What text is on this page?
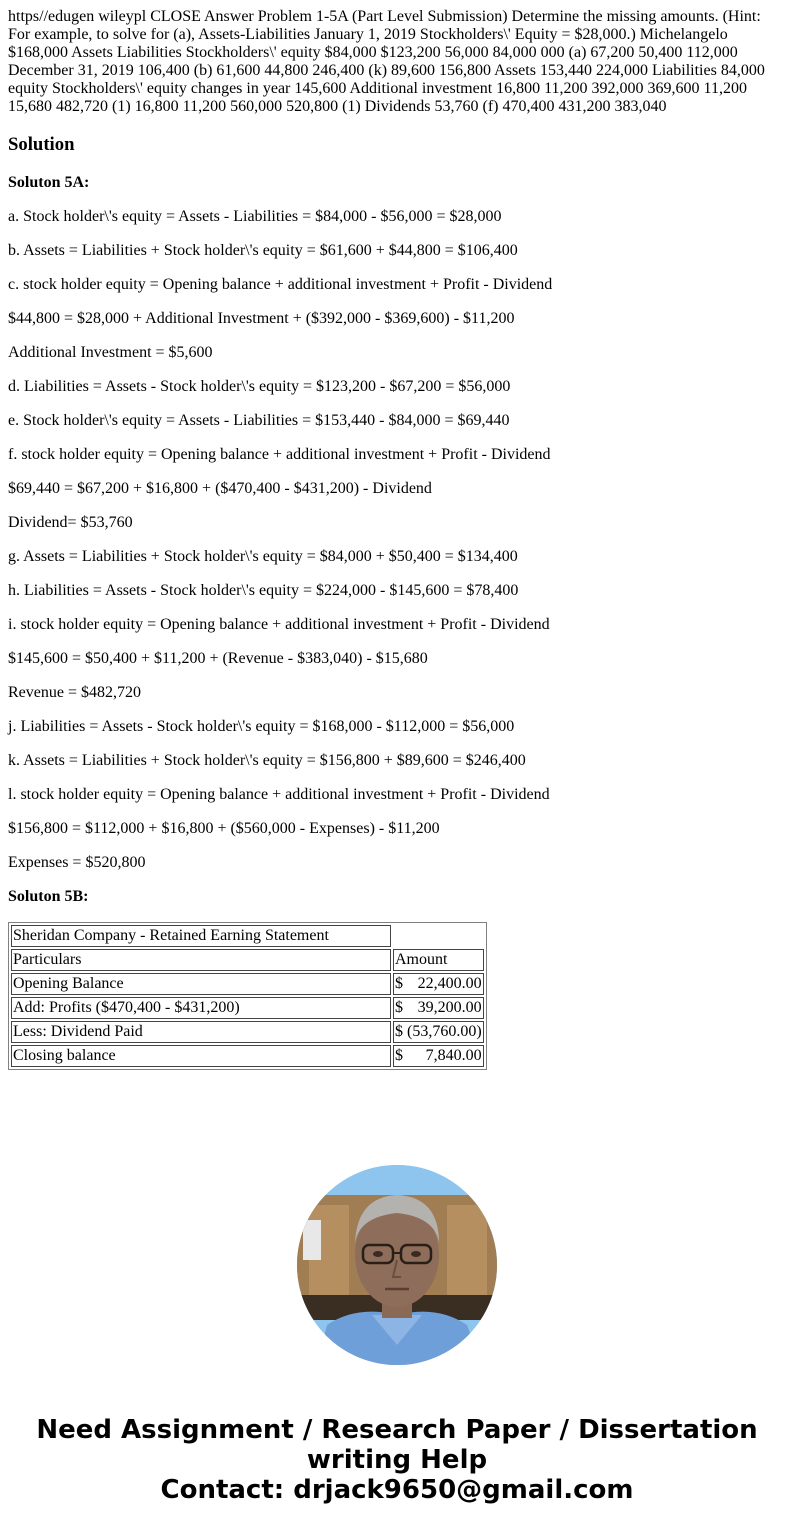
https//edugen wileypl CLOSE Answer Problem 1-5A (Part Level Submission) Determine the missing amounts. (Hint: For example, to solve for (a), Assets-Liabilities January 1, 2019 Stockholders\' Equity = $28,000.) Michelangelo $168,000 Assets Liabilities Stockholders\' equity $84,000 $123,200 56,000 84,000 000 (a) 67,200 50,400 112,000 December 31, 2019 106,400 (b) 61,600 44,800 246,400 (k) 89,600 156,800 Assets 153,440 224,000 Liabilities 84,000 equity Stockholders\' equity changes in year 145,600 Additional investment 16,800 11,200 392,000 369,600 11,200 15,680 482,720 (1) 16,800 11,200 560,000 520,800 (1) Dividends 53,760 (f) 470,400 431,200 383,040
Solution

Soluton 5A:

a. Stock holder\'s equity = Assets - Liabilities = $84,000 - $56,000 = $28,000

b. Assets = Liabilities + Stock holder\'s equity = $61,600 + $44,800 = $106,400

c. stock holder equity = Opening balance + additional investment + Profit - Dividend

$44,800 = $28,000 + Additional Investment + ($392,000 - $369,600) - $11,200

Additional Investment = $5,600

d. Liabilities = Assets - Stock holder\'s equity = $123,200 - $67,200 = $56,000

e. Stock holder\'s equity = Assets - Liabilities = $153,440 - $84,000 = $69,440

f. stock holder equity = Opening balance + additional investment + Profit - Dividend

$69,440 = $67,200 + $16,800 + ($470,400 - $431,200) - Dividend

Dividend= $53,760

g. Assets = Liabilities + Stock holder\'s equity = $84,000 + $50,400 = $134,400

h. Liabilities = Assets - Stock holder\'s equity = $224,000 - $145,600 = $78,400

i. stock holder equity = Opening balance + additional investment + Profit - Dividend

$145,600 = $50,400 + $11,200 + (Revenue - $383,040) - $15,680

Revenue = $482,720

j. Liabilities = Assets - Stock holder\'s equity = $168,000 - $112,000 = $56,000

k. Assets = Liabilities + Stock holder\'s equity = $156,800 + $89,600 = $246,400

l. stock holder equity = Opening balance + additional investment + Profit - Dividend

$156,800 = $112,000 + $16,800 + ($560,000 - Expenses) - $11,200

Expenses = $520,800

Soluton 5B:

Sheridan Company - Retained Earning Statement	
Particulars	Amount
Opening Balance	$ 22,400.00

Add: Profits ($470,400 - $431,200)	$ 39,200.00

Less: Dividend Paid	$ (53,760.00)

Closing balance	$ 7,840.00
Need Assignment / Research Paper / Dissertation
writing Help
Contact: drjack9650@gmail.com
